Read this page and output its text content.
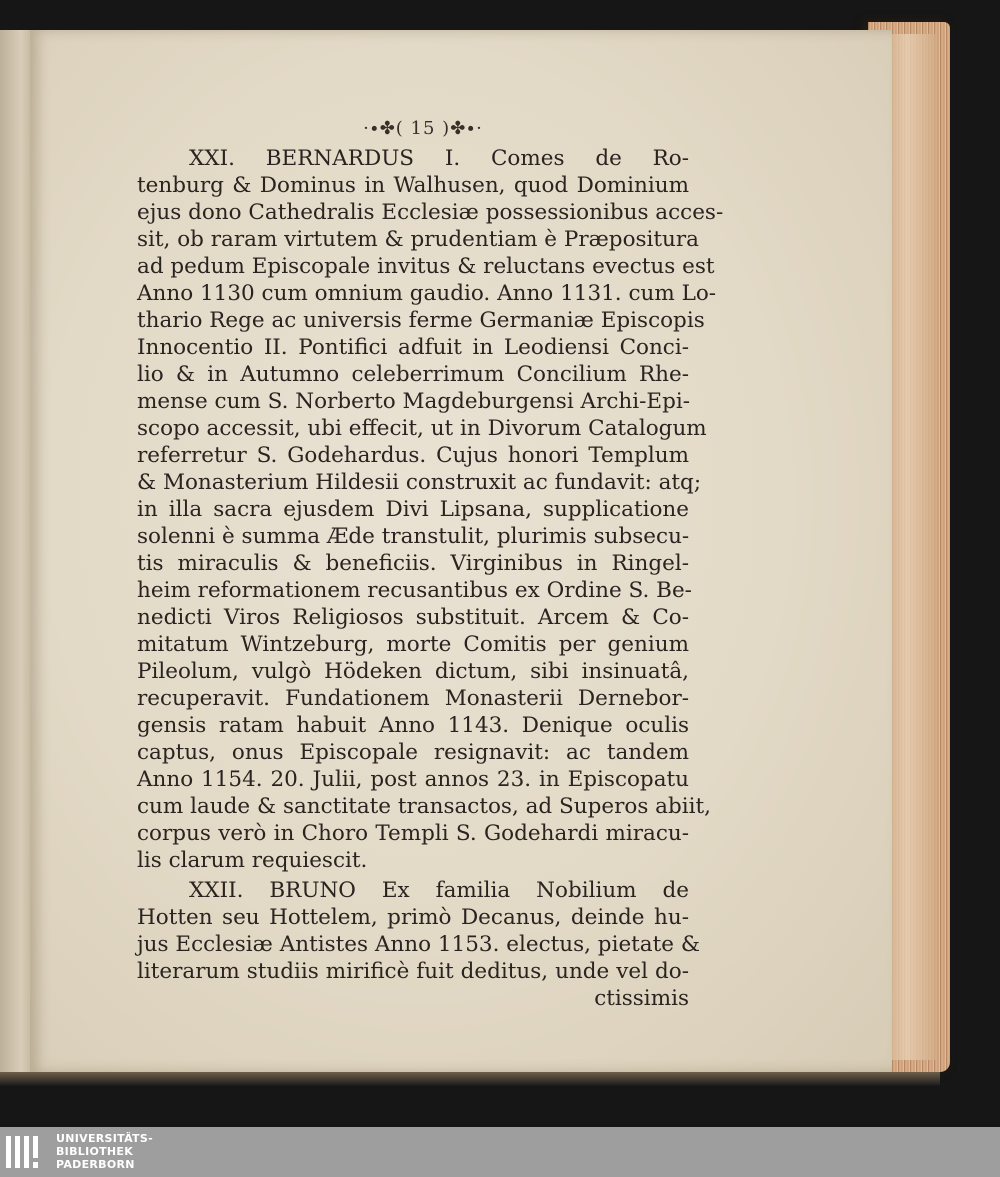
·∙✤( 15 )✤∙·
XXI. BERNARDUS I. Comes de Ro-
tenburg & Dominus in Walhusen, quod Dominium
ejus dono Cathedralis Ecclesiæ possessionibus acces-
sit, ob raram virtutem & prudentiam è Præpositura
ad pedum Episcopale invitus & reluctans evectus est
Anno 1130 cum omnium gaudio. Anno 1131. cum Lo-
thario Rege ac universis ferme Germaniæ Episcopis
Innocentio II. Pontifici adfuit in Leodiensi Conci-
lio & in Autumno celeberrimum Concilium Rhe-
mense cum S. Norberto Magdeburgensi Archi-Epi-
scopo accessit, ubi effecit, ut in Divorum Catalogum
referretur S. Godehardus. Cujus honori Templum
& Monasterium Hildesii construxit ac fundavit: atq;
in illa sacra ejusdem Divi Lipsana, supplicatione
solenni è summa Æde transtulit, plurimis subsecu-
tis miraculis & beneficiis. Virginibus in Ringel-
heim reformationem recusantibus ex Ordine S. Be-
nedicti Viros Religiosos substituit. Arcem & Co-
mitatum Wintzeburg, morte Comitis per genium
Pileolum, vulgò Hödeken dictum, sibi insinuatâ,
recuperavit. Fundationem Monasterii Dernebor-
gensis ratam habuit Anno 1143. Denique oculis
captus, onus Episcopale resignavit: ac tandem
Anno 1154. 20. Julii, post annos 23. in Episcopatu
cum laude & sanctitate transactos, ad Superos abiit,
corpus verò in Choro Templi S. Godehardi miracu-
lis clarum requiescit.
XXII. BRUNO Ex familia Nobilium de
Hotten seu Hottelem, primò Decanus, deinde hu-
jus Ecclesiæ Antistes Anno 1153. electus, pietate &
literarum studiis mirificè fuit deditus, unde vel do-
ctissimis
UNIVERSITÄTS-
BIBLIOTHEK
PADERBORN
